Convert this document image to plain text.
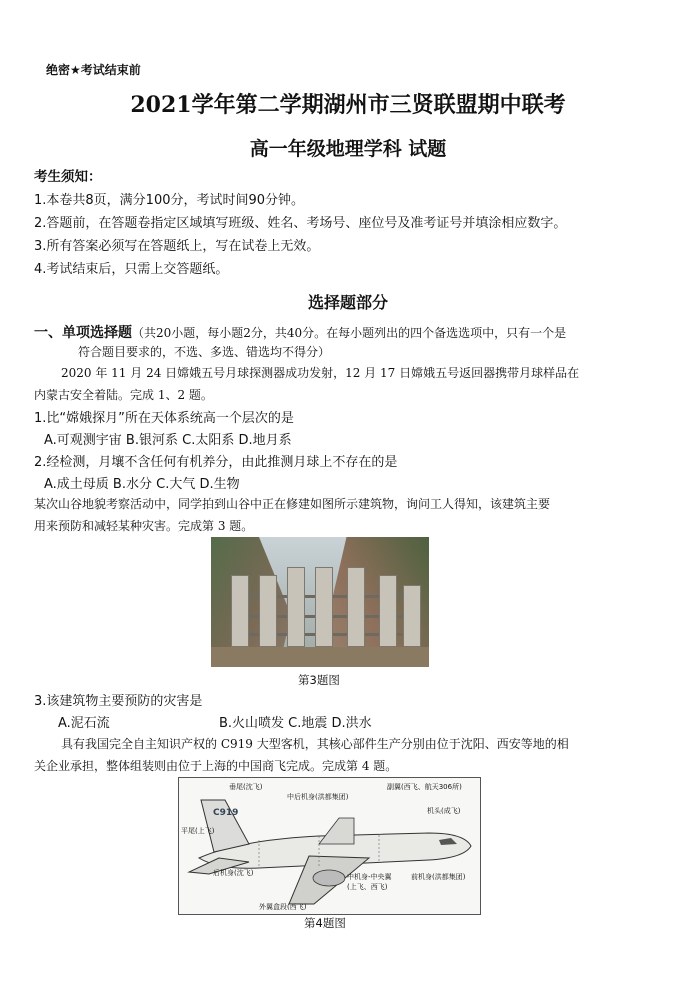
绝密★考试结束前
2021学年第二学期湖州市三贤联盟期中联考
高一年级地理学科 试题
考生须知：
1.本卷共8页，满分100分，考试时间90分钟。
2.答题前，在答题卷指定区域填写班级、姓名、考场号、座位号及准考证号并填涂相应数字。
3.所有答案必须写在答题纸上，写在试卷上无效。
4.考试结束后，只需上交答题纸。
选择题部分
一、单项选择题（共20小题，每小题2分，共40分。在每小题列出的四个备选选项中，只有一个是
符合题目要求的，不选、多选、错选均不得分）
2020 年 11 月 24 日嫦娥五号月球探测器成功发射，12 月 17 日嫦娥五号返回器携带月球样品在
内蒙古安全着陆。完成 1、2 题。
1.比“嫦娥探月”所在天体系统高一个层次的是
A.可观测宇宙 B.银河系 C.太阳系 D.地月系
2.经检测，月壤不含任何有机养分，由此推测月球上不存在的是
A.成土母质 B.水分 C.大气 D.生物
某次山谷地貌考察活动中，同学拍到山谷中正在修建如图所示建筑物，询问工人得知，该建筑主要
用来预防和减轻某种灾害。完成第 3 题。
第3题图
3.该建筑物主要预防的灾害是
A.泥石流	B.火山喷发 C.地震 D.洪水
具有我国完全自主知识产权的 C919 大型客机，其核心部件生产分别由位于沈阳、西安等地的相
关企业承担，整体组装则由位于上海的中国商飞完成。完成第 4 题。
垂尾(沈飞)
C919
中后机身(洪都集团)
副翼(西飞、航天306所)
机头(成飞)
平尾(上飞)
后机身(沈飞)	中机身-中央翼
(上飞、西飞)
前机身(洪都集团)
外翼盒段(西飞)
第4题图
